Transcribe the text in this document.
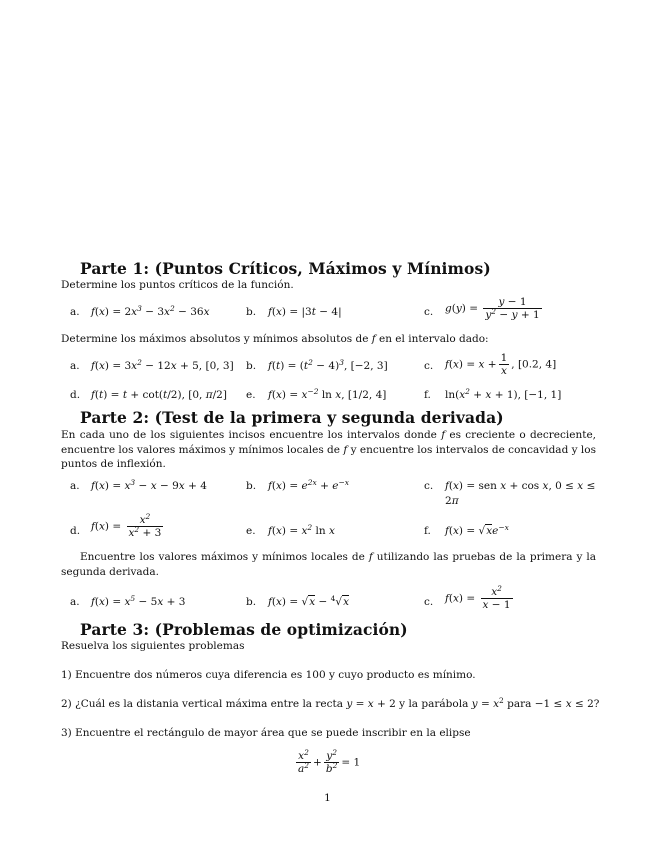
Parte 1: (Puntos Críticos, Máximos y Mínimos)
Determine los puntos críticos de la función.
a. $f(x) = 2x^3 - 3x^2 - 36x$	b. f(x) = |3t − 4|	c. $g(y) = \frac{y - 1}{y^2 - y + 1}$
Determine los máximos absolutos y mínimos absolutos de f en el intervalo dado:
a. $f(x) = 3x^2 - 12x + 5$, [0, 3] b. $f(t) = (t^2 - 4)^3$, [−2, 3]	c. $f(x) = x + \frac{1}{x}$ , [0.2, 4]
d. f(t) = t + cot(t/2), [0, π/2] e. $f(x) = x^{-2}$ ln x, [1/2, 4]	f. $\ln(x^2 + x + 1)$, [−1, 1]
Parte 2: (Test de la primera y segunda derivada)
En cada uno de los siguientes incisos encuentre los intervalos donde f es creciente o decreciente, encuentre los valores máximos y mínimos locales de f y encuentre los intervalos de concavidad y los puntos de inflexión.
a. $f(x) = x^3 - x - 9x + 4$	b. $f(x) = e^{2x} + e^{-x}$	c. f(x) = sen x + cos x, 0 ≤ x ≤
2π
d. $f(x) = \frac{x^2}{x^2 + 3}$	e. $f(x) = x^2$ ln x	f. $f(x) = √xe^{-x}$
Encuentre los valores máximos y mínimos locales de f utilizando las pruebas de la primera y la segunda derivada.
a. $f(x) = x^5 - 5x + 3$	b. f(x) = √x − $^4$√x	c. $f(x) = \frac{x^2}{x - 1}$
Parte 3: (Problemas de optimización)
Resuelva los siguientes problemas
1) Encuentre dos números cuya diferencia es 100 y cuyo producto es mínimo.
2) ¿Cuál es la distania vertical máxima entre la recta y = x + 2 y la parábola $y = x^2$ para −1 ≤ x ≤ 2?
3) Encuentre el rectángulo de mayor área que se puede inscribir en la elipse
$\frac{x^2}{a^2} + \frac{y^2}{b^2} = 1$
1
